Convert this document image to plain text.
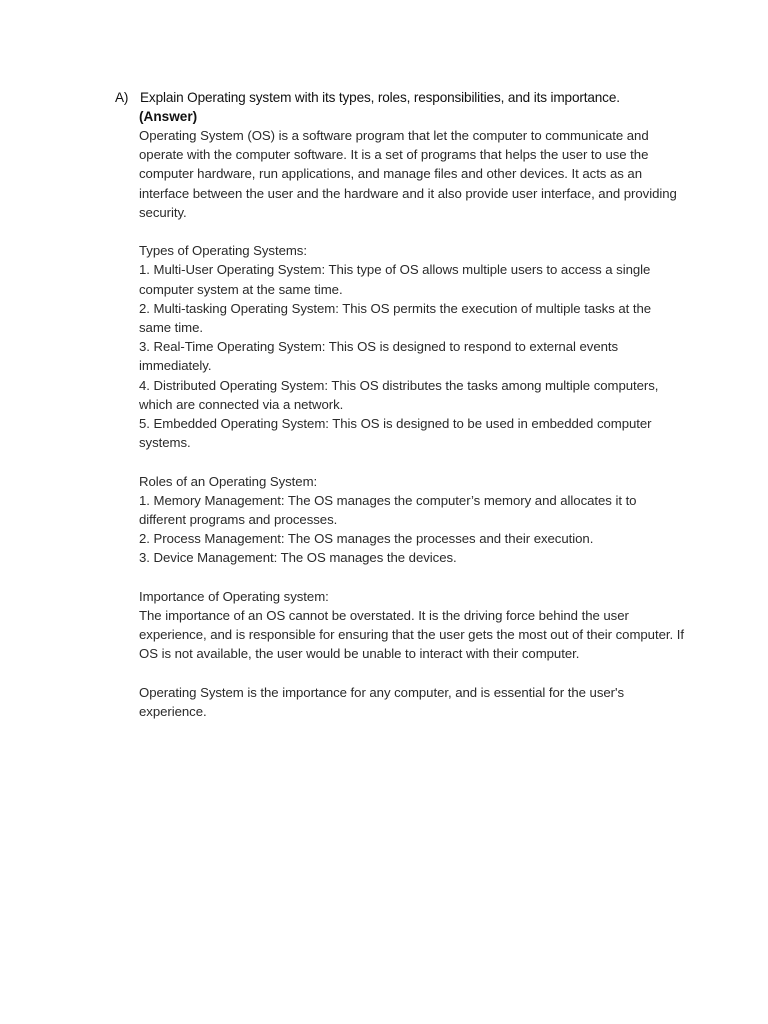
A) Explain Operating system with its types, roles, responsibilities, and its importance.
(Answer)

Operating System (OS) is a software program that let the computer to communicate and operate with the computer software. It is a set of programs that helps the user to use the computer hardware, run applications, and manage files and other devices. It acts as an interface between the user and the hardware and it also provide user interface, and providing security.

Types of Operating Systems:

1. Multi-User Operating System: This type of OS allows multiple users to access a single computer system at the same time.

2. Multi-tasking Operating System: This OS permits the execution of multiple tasks at the same time.

3. Real-Time Operating System: This OS is designed to respond to external events immediately.

4. Distributed Operating System: This OS distributes the tasks among multiple computers, which are connected via a network.

5. Embedded Operating System: This OS is designed to be used in embedded computer systems.

Roles of an Operating System:

1. Memory Management: The OS manages the computer’s memory and allocates it to different programs and processes.

2. Process Management: The OS manages the processes and their execution.

3. Device Management: The OS manages the devices.

Importance of Operating system:

The importance of an OS cannot be overstated. It is the driving force behind the user experience, and is responsible for ensuring that the user gets the most out of their computer. If OS is not available, the user would be unable to interact with their computer.

Operating System is the importance for any computer, and is essential for the user's experience.
